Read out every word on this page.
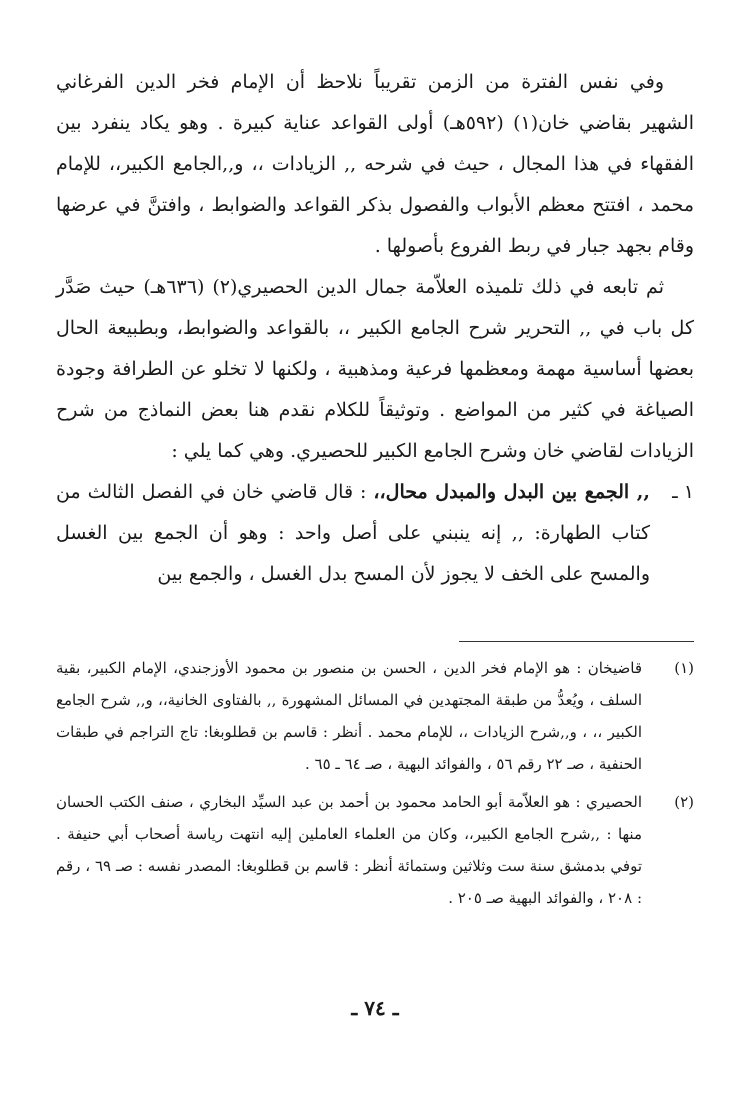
وفي نفس الفترة من الزمن تقريباً نلاحظ أن الإمام فخر الدين الفرغاني الشهير بقاضي خان(١) (٥٩٢هـ) أولى القواعد عناية كبيرة . وهو يكاد ينفرد بين الفقهاء في هذا المجال ، حيث في شرحه ,, الزيادات ،، و,,الجامع الكبير،، للإمام محمد ، افتتح معظم الأبواب والفصول بذكر القواعد والضوابط ، وافتنَّ في عرضها وقام بجهد جبار في ربط الفروع بأصولها .

ثم تابعه في ذلك تلميذه العلاّمة جمال الدين الحصيري(٢) (٦٣٦هـ) حيث صَدَّر كل باب في ,, التحرير شرح الجامع الكبير ،، بالقواعد والضوابط، وبطبيعة الحال بعضها أساسية مهمة ومعظمها فرعية ومذهبية ، ولكنها لا تخلو عن الطرافة وجودة الصياغة في كثير من المواضع . وتوثيقاً للكلام نقدم هنا بعض النماذج من شرح الزيادات لقاضي خان وشرح الجامع الكبير للحصيري. وهي كما يلي :

١ ـ
,, الجمع بين البدل والمبدل محال،، : قال قاضي خان في الفصل الثالث من كتاب الطهارة: ,, إنه ينبني على أصل واحد : وهو أن الجمع بين الغسل والمسح على الخف لا يجوز لأن المسح بدل الغسل ، والجمع بين
(١)
قاضيخان : هو الإمام فخر الدين ، الحسن بن منصور بن محمود الأوزجندي، الإمام الكبير، بقية السلف ، ويُعدُّ من طبقة المجتهدين في المسائل المشهورة ,, بالفتاوى الخانية،، و,, شرح الجامع الكبير ،، ، و,,شرح الزيادات ،، للإمام محمد . أنظر : قاسم بن قطلوبغا: تاج التراجم في طبقات الحنفية ، صـ ٢٢ رقم ٥٦ ، والفوائد البهية ، صـ ٦٤ ـ ٦٥ .
(٢)
الحصيري : هو العلاّمة أبو الحامد محمود بن أحمد بن عبد السيِّد البخاري ، صنف الكتب الحسان منها : ,,شرح الجامع الكبير،، وكان من العلماء العاملين إليه انتهت رياسة أصحاب أبي حنيفة . توفي بدمشق سنة ست وثلاثين وستمائة أنظر : قاسم بن قطلوبغا: المصدر نفسه : صـ ٦٩ ، رقم : ٢٠٨ ، والفوائد البهية صـ ٢٠٥ .
ـ ٧٤ ـ
